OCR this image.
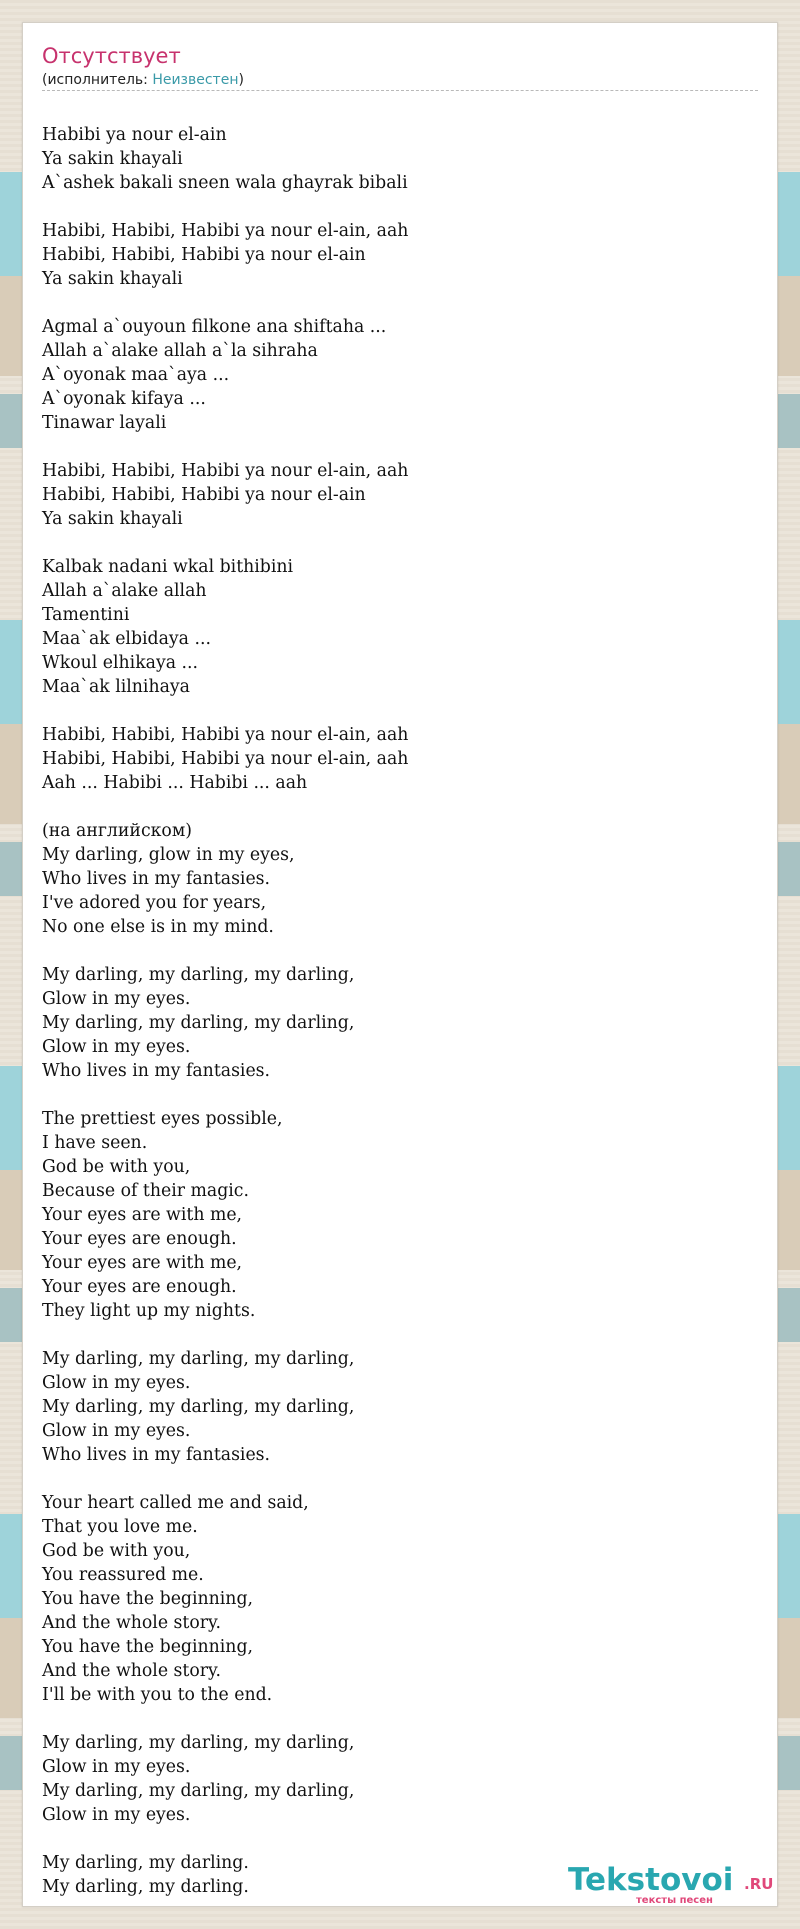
Отсутствует
(исполнитель: Неизвестен)
Habibi ya nour el-ain
Ya sakin khayali
A`ashek bakali sneen wala ghayrak bibali
Habibi, Habibi, Habibi ya nour el-ain, aah
Habibi, Habibi, Habibi ya nour el-ain
Ya sakin khayali
Agmal a`ouyoun filkone ana shiftaha ...
Allah a`alake allah a`la sihraha
A`oyonak maa`aya ...
A`oyonak kifaya ...
Tinawar layali
Habibi, Habibi, Habibi ya nour el-ain, aah
Habibi, Habibi, Habibi ya nour el-ain
Ya sakin khayali
Kalbak nadani wkal bithibini
Allah a`alake allah
Tamentini
Maa`ak elbidaya ...
Wkoul elhikaya ...
Maa`ak lilnihaya
Habibi, Habibi, Habibi ya nour el-ain, aah
Habibi, Habibi, Habibi ya nour el-ain, aah
Aah ... Habibi ... Habibi ... aah
(на английском)
My darling, glow in my eyes,
Who lives in my fantasies.
I've adored you for years,
No one else is in my mind.
My darling, my darling, my darling,
Glow in my eyes.
My darling, my darling, my darling,
Glow in my eyes.
Who lives in my fantasies.
The prettiest eyes possible,
I have seen.
God be with you,
Because of their magic.
Your eyes are with me,
Your eyes are enough.
Your eyes are with me,
Your eyes are enough.
They light up my nights.
My darling, my darling, my darling,
Glow in my eyes.
My darling, my darling, my darling,
Glow in my eyes.
Who lives in my fantasies.
Your heart called me and said,
That you love me.
God be with you,
You reassured me.
You have the beginning,
And the whole story.
You have the beginning,
And the whole story.
I'll be with you to the end.
My darling, my darling, my darling,
Glow in my eyes.
My darling, my darling, my darling,
Glow in my eyes.
My darling, my darling.
My darling, my darling.	Tekstovoi .RU
тексты песен
